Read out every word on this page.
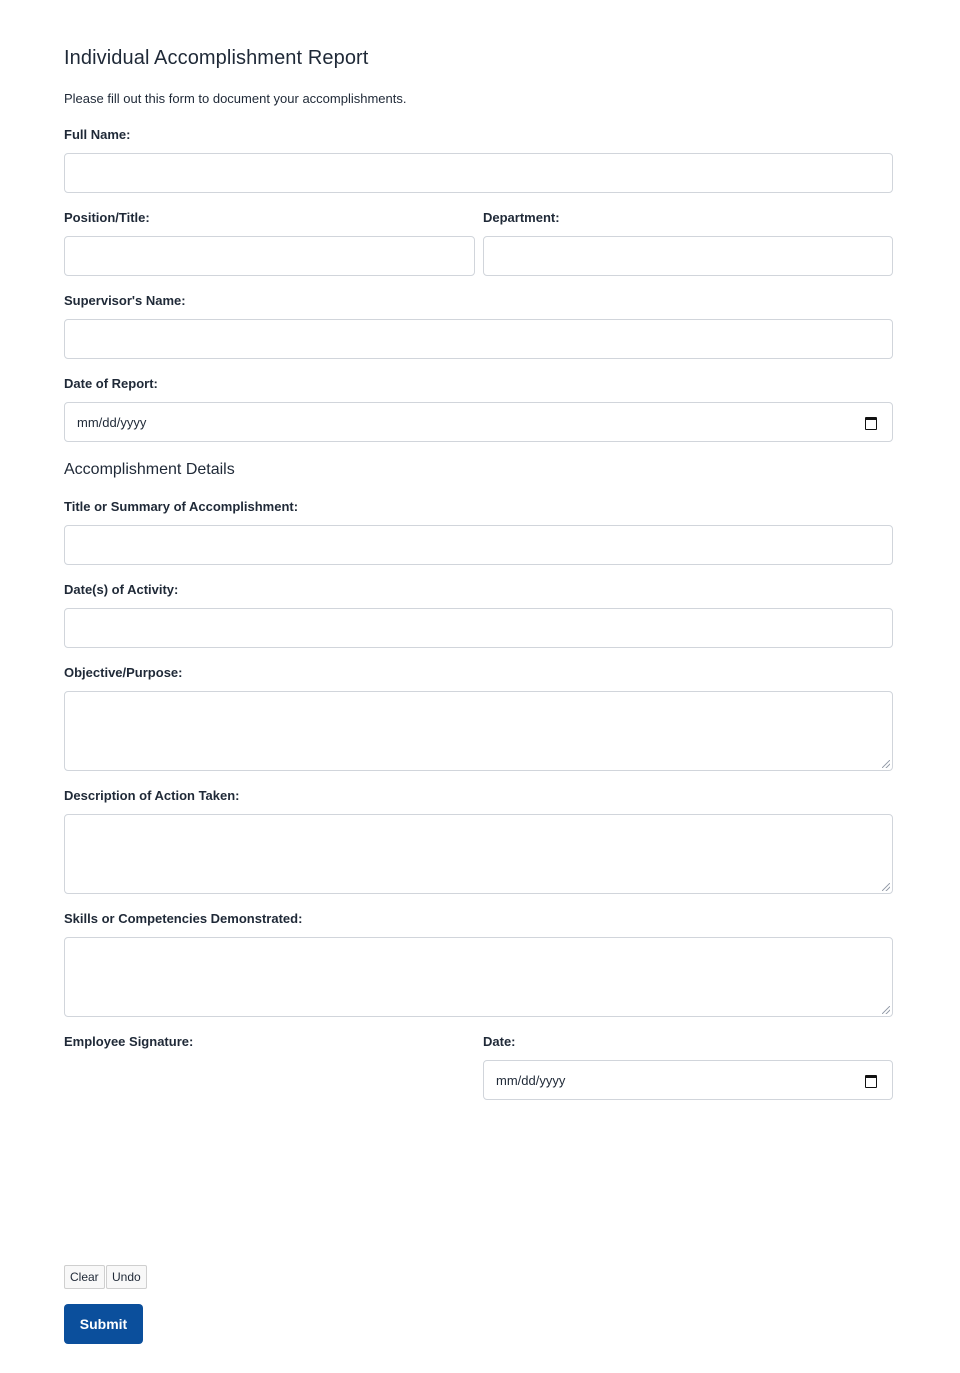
Individual Accomplishment Report

Please fill out this form to document your accomplishments.

Full Name:
Position/Title:	Department:
Supervisor's Name:
Date of Report:
mm/dd/yyyy
Accomplishment Details
Title or Summary of Accomplishment:
Date(s) of Activity:
Objective/Purpose:
Description of Action Taken:
Skills or Competencies Demonstrated:
Employee Signature:	Date:
mm/dd/yyyy
Clear	Undo
Submit
